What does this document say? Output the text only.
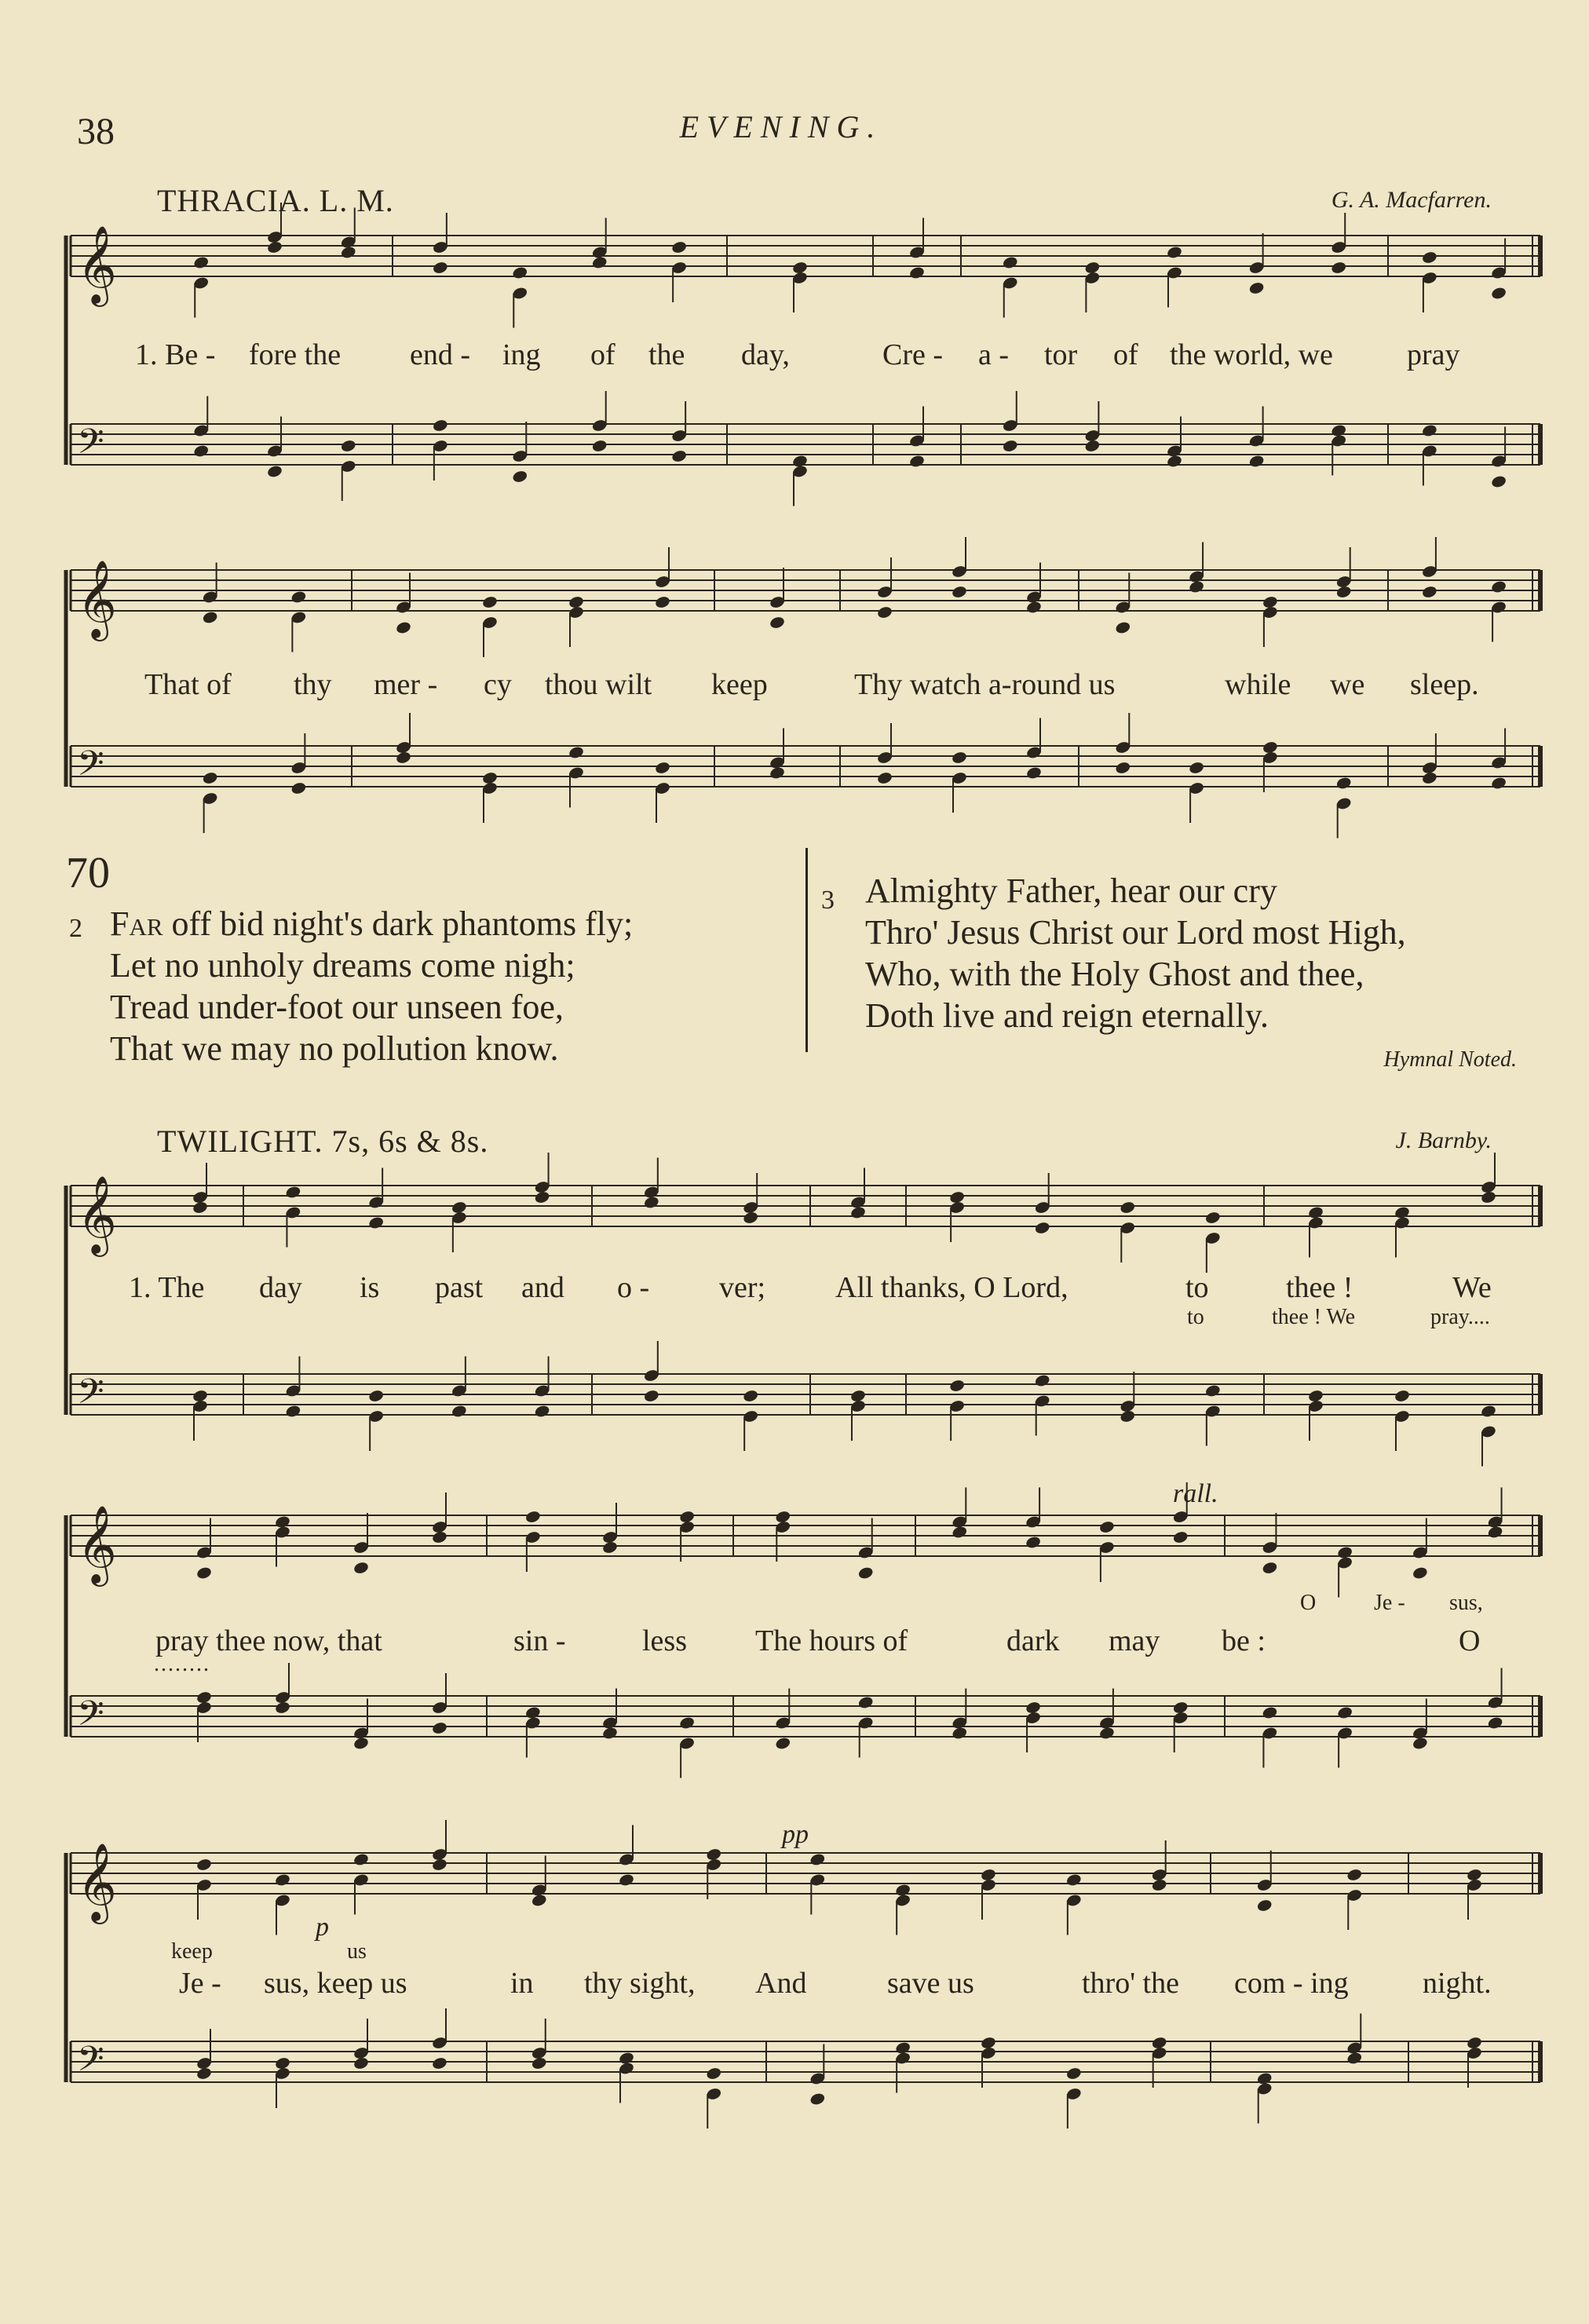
38	EVENING.
𝄞
𝄢
𝄞
𝄢
𝄞
𝄢
𝄞
𝄢
𝄞
𝄢
THRACIA. L. M.	G. A. Macfarren.
1. Be - fore the end - ing of the day,	Cre - a - tor of the world, we pray
That of thy mer - cy thou wilt keep	Thy watch a-round us	while we sleep.
70
2 Far off bid night's dark phantoms fly;
Let no unholy dreams come nigh;
Tread under-foot our unseen foe,
That we may no pollution know.
3 Almighty Father, hear our cry
Thro' Jesus Christ our Lord most High,
Who, with the Holy Ghost and thee,
Doth live and reign eternally.
Hymnal Noted.
TWILIGHT. 7s, 6s & 8s.	J. Barnby.
1. The day is past and o - ver; All thanks, O Lord,	to	thee !	We
to	thee ! We	pray....
rall.
O	Je - sus,
pray thee now, that	sin -	less The hours of	dark may be :	O
........
pp
p
keep	us
Je - sus, keep us	in thy sight, And	save us	thro' the com - ing night.
